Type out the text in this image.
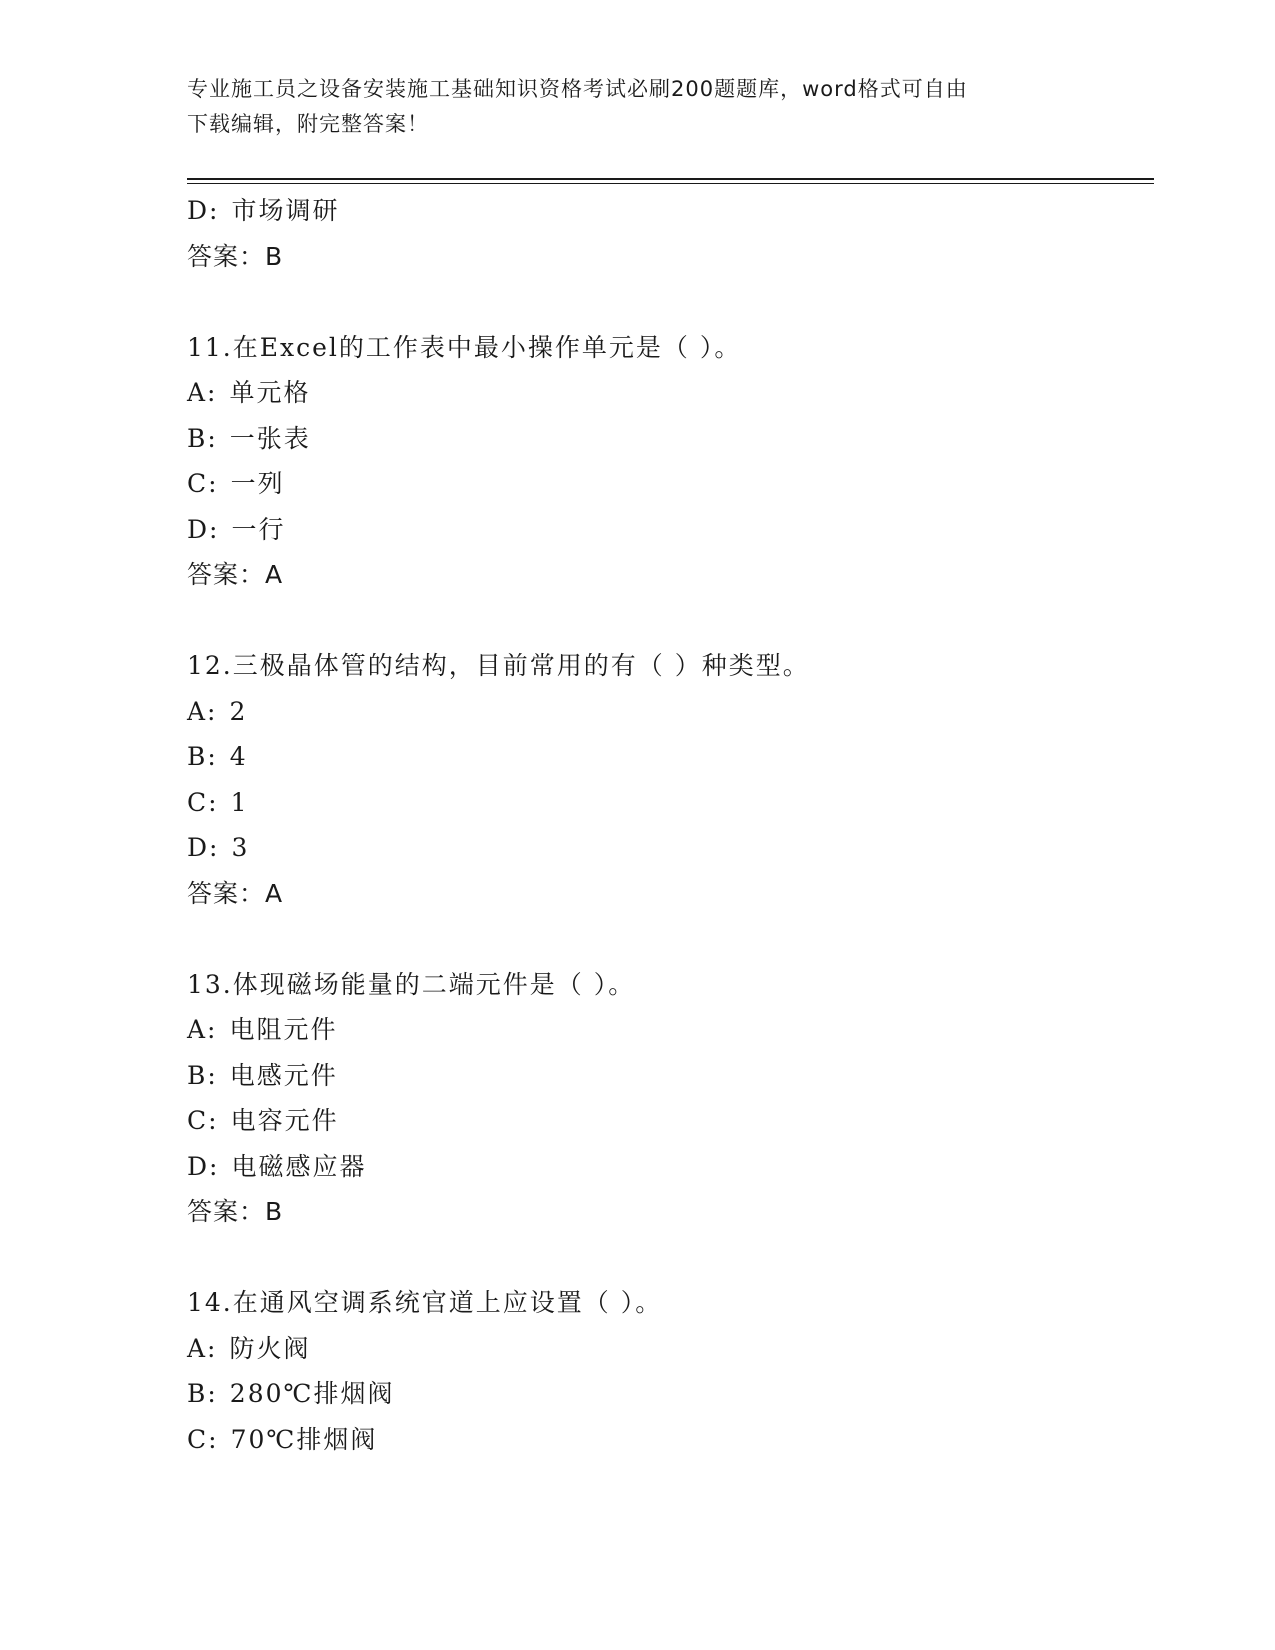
专业施工员之设备安装施工基础知识资格考试必刷200题题库，word格式可自由
下载编辑，附完整答案！
D: 市场调研
答案：B
11.在Excel的工作表中最小操作单元是（ ）。
A: 单元格
B: 一张表
C: 一列
D: 一行
答案：A
12.三极晶体管的结构，目前常用的有（ ）种类型。
A: 2
B: 4
C: 1
D: 3
答案：A
13.体现磁场能量的二端元件是（ ）。
A: 电阻元件
B: 电感元件
C: 电容元件
D: 电磁感应器
答案：B
14.在通风空调系统官道上应设置（ ）。
A: 防火阀
B: 280℃排烟阀
C: 70℃排烟阀
